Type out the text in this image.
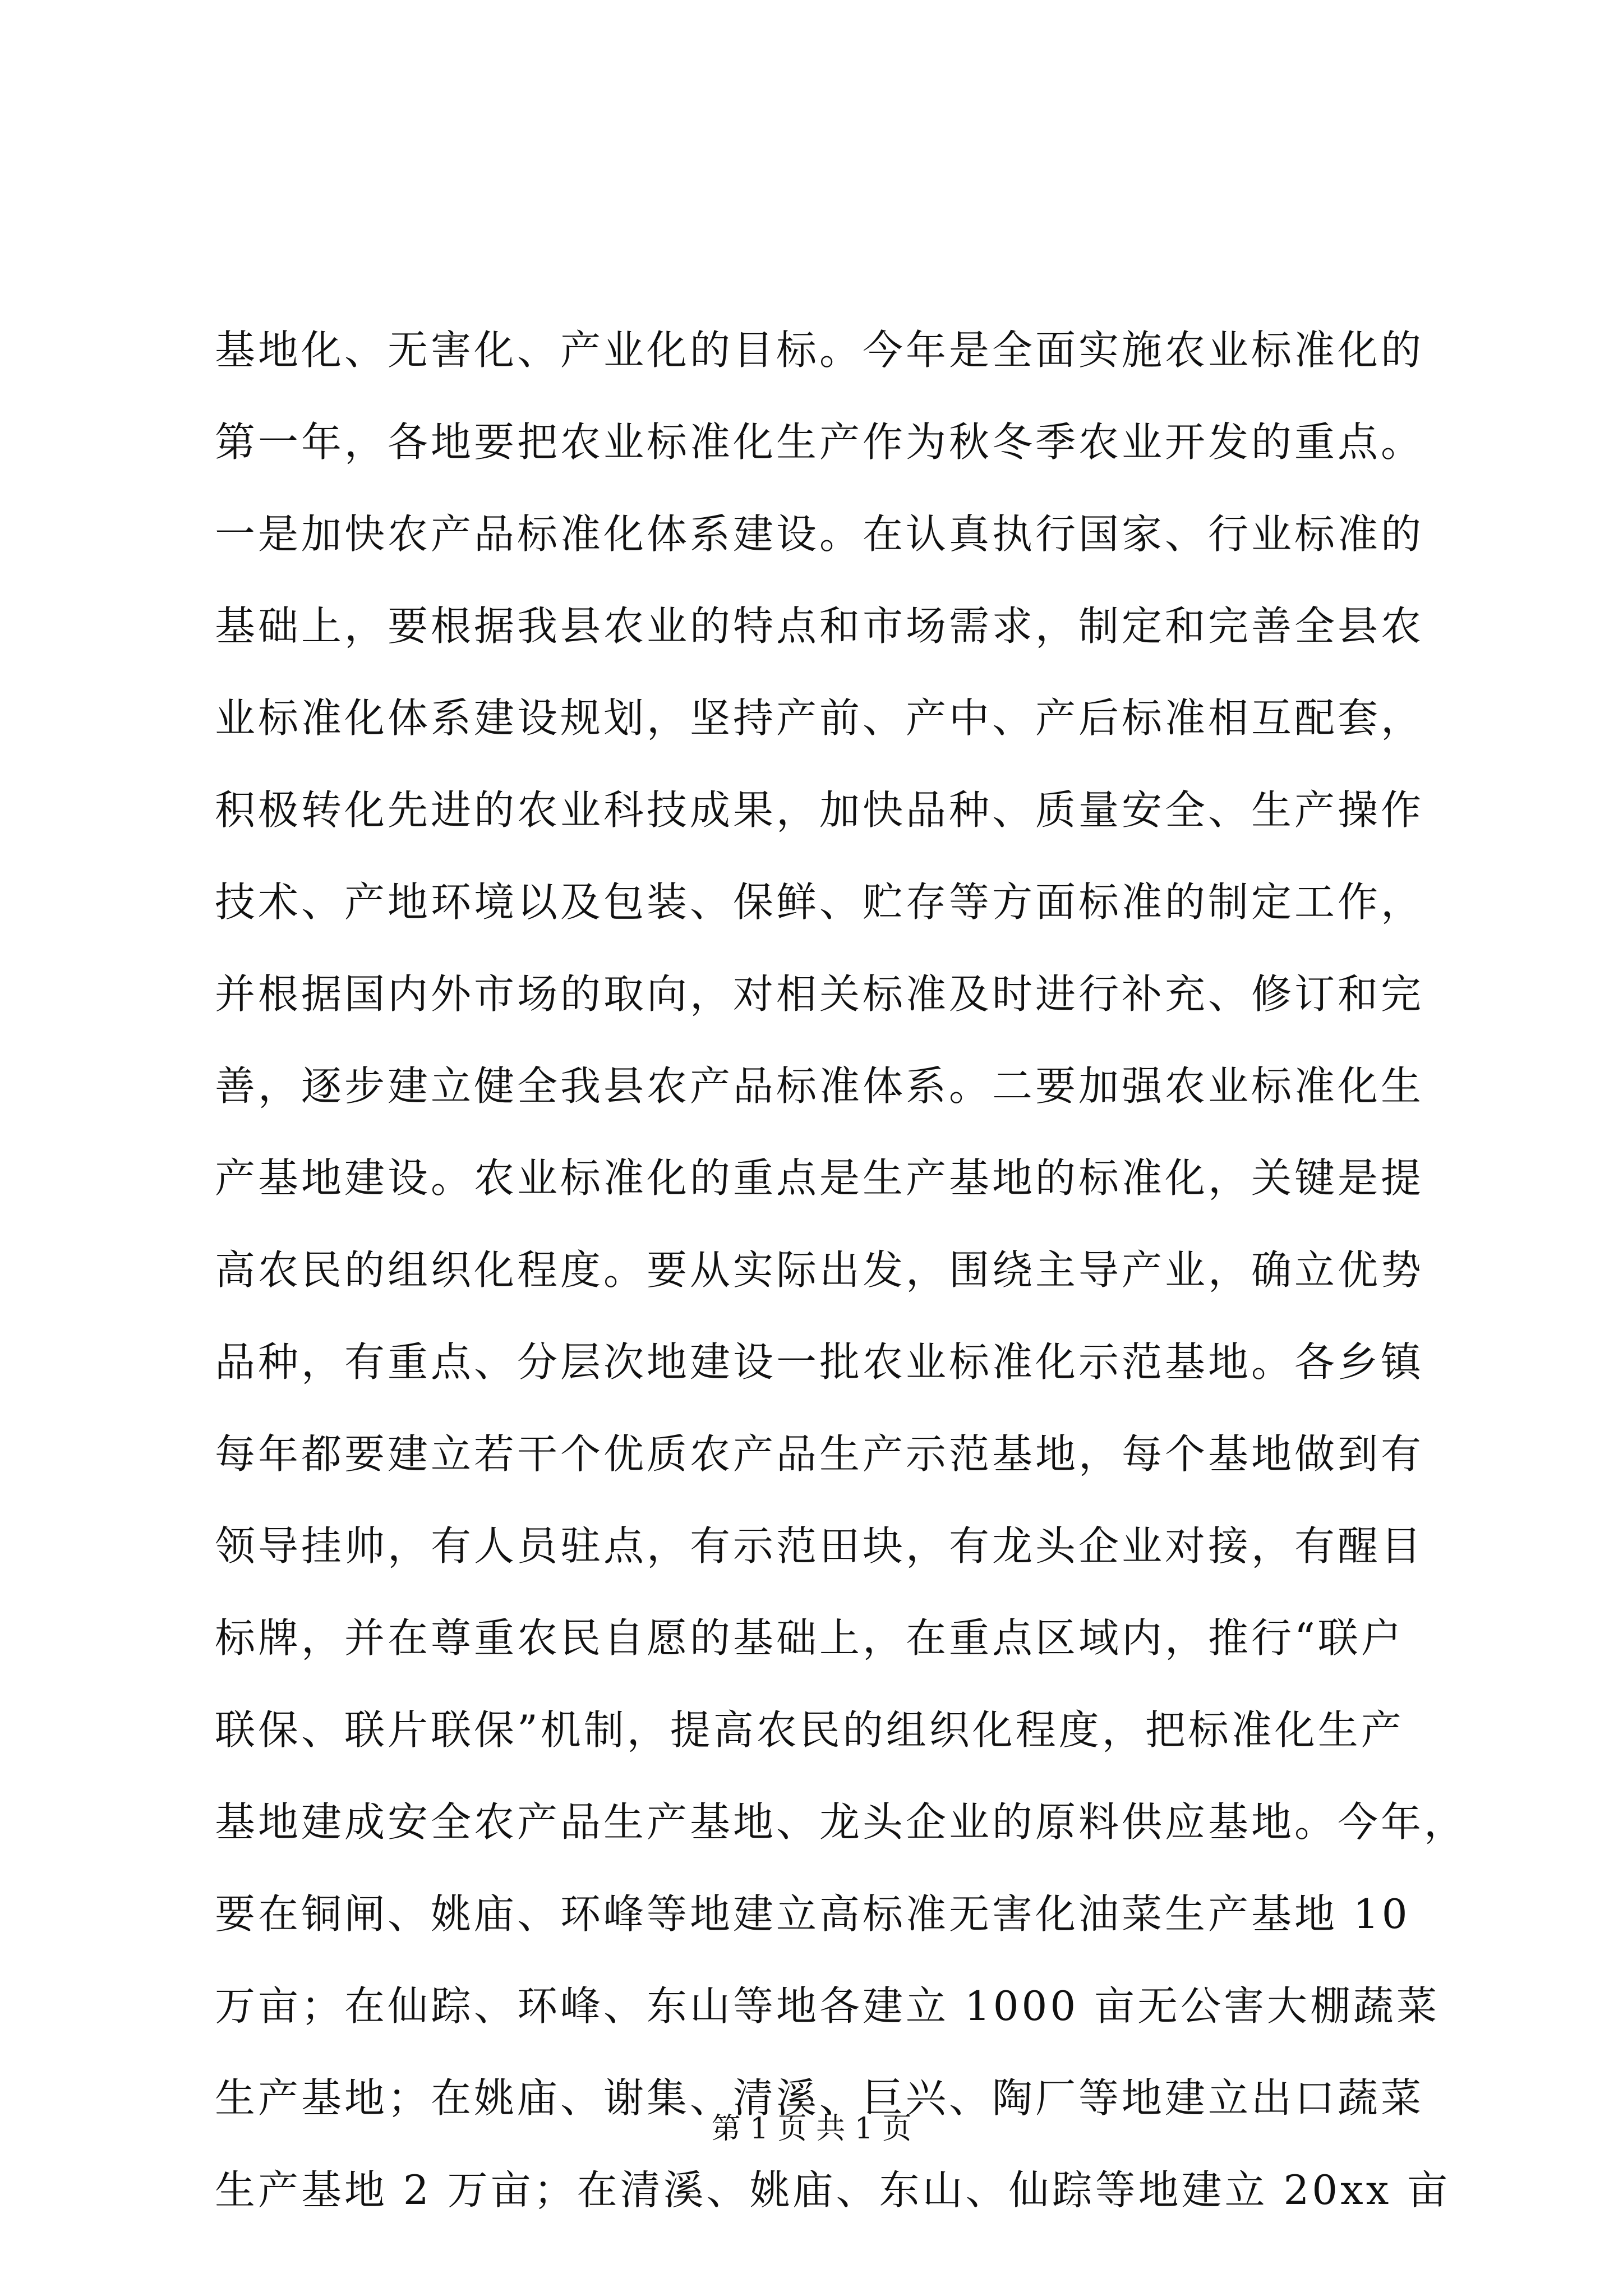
基地化、无害化、产业化的目标。今年是全面实施农业标准化的
第一年，各地要把农业标准化生产作为秋冬季农业开发的重点。
一是加快农产品标准化体系建设。在认真执行国家、行业标准的
基础上，要根据我县农业的特点和市场需求，制定和完善全县农
业标准化体系建设规划，坚持产前、产中、产后标准相互配套，
积极转化先进的农业科技成果，加快品种、质量安全、生产操作
技术、产地环境以及包装、保鲜、贮存等方面标准的制定工作，
并根据国内外市场的取向，对相关标准及时进行补充、修订和完
善，逐步建立健全我县农产品标准体系。二要加强农业标准化生
产基地建设。农业标准化的重点是生产基地的标准化，关键是提
高农民的组织化程度。要从实际出发，围绕主导产业，确立优势
品种，有重点、分层次地建设一批农业标准化示范基地。各乡镇
每年都要建立若干个优质农产品生产示范基地，每个基地做到有
领导挂帅，有人员驻点，有示范田块，有龙头企业对接，有醒目
标牌，并在尊重农民自愿的基础上，在重点区域内，推行“联户
联保、联片联保”机制，提高农民的组织化程度，把标准化生产
基地建成安全农产品生产基地、龙头企业的原料供应基地。今年，
要在铜闸、姚庙、环峰等地建立高标准无害化油菜生产基地 10
万亩；在仙踪、环峰、东山等地各建立 1000 亩无公害大棚蔬菜
生产基地；在姚庙、谢集、清溪、巨兴、陶厂等地建立出口蔬菜
生产基地 2 万亩；在清溪、姚庙、东山、仙踪等地建立 20xx 亩
第 1 页 共 1 页
